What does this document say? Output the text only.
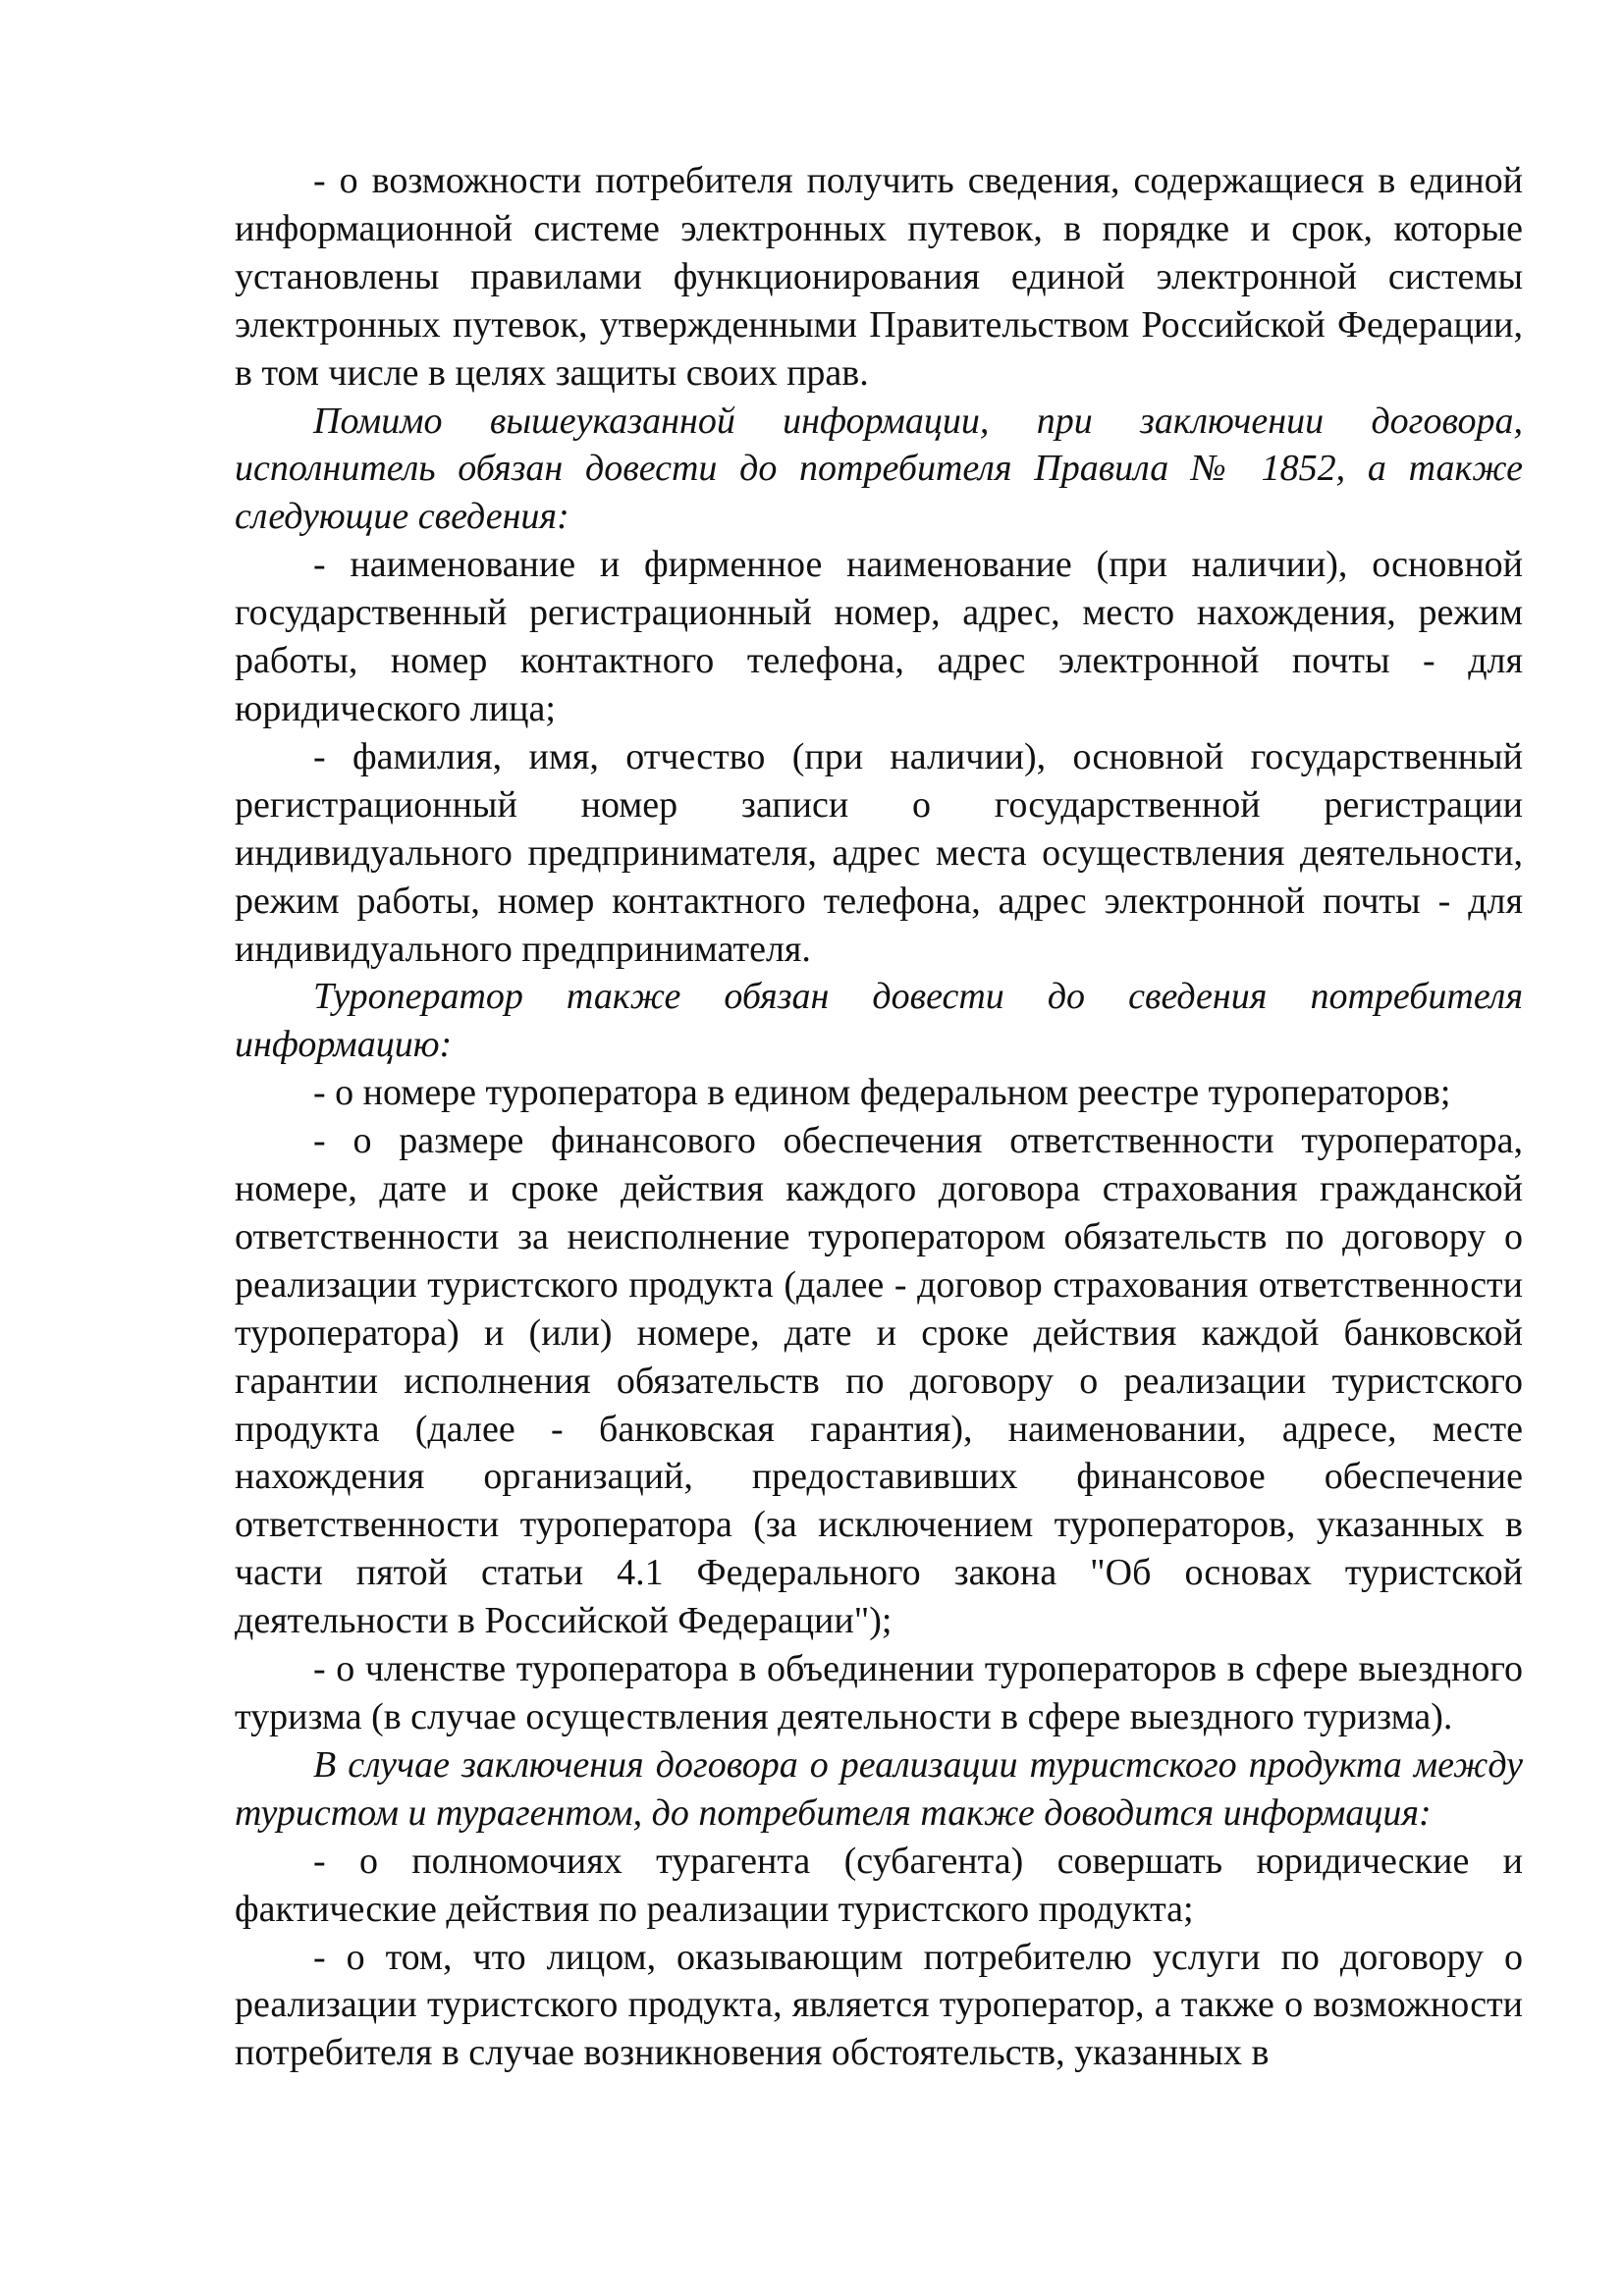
- о возможности потребителя получить сведения, содержащиеся в единой информационной системе электронных путевок, в порядке и срок, которые установлены правилами функционирования единой электронной системы электронных путевок, утвержденными Правительством Российской Федерации, в том числе в целях защиты своих прав.

Помимо вышеуказанной информации, при заключении договора, исполнитель обязан довести до потребителя Правила № 1852, а также следующие сведения:

- наименование и фирменное наименование (при наличии), основной государственный регистрационный номер, адрес, место нахождения, режим работы, номер контактного телефона, адрес электронной почты - для юридического лица;

- фамилия, имя, отчество (при наличии), основной государственный регистрационный номер записи о государственной регистрации индивидуального предпринимателя, адрес места осуществления деятельности, режим работы, номер контактного телефона, адрес электронной почты - для индивидуального предпринимателя.

Туроператор также обязан довести до сведения потребителя информацию:

- о номере туроператора в едином федеральном реестре туроператоров;

- о размере финансового обеспечения ответственности туроператора, номере, дате и сроке действия каждого договора страхования гражданской ответственности за неисполнение туроператором обязательств по договору о реализации туристского продукта (далее - договор страхования ответственности туроператора) и (или) номере, дате и сроке действия каждой банковской гарантии исполнения обязательств по договору о реализации туристского продукта (далее - банковская гарантия), наименовании, адресе, месте нахождения организаций, предоставивших финансовое обеспечение ответственности туроператора (за исключением туроператоров, указанных в части пятой статьи 4.1 Федерального закона "Об основах туристской деятельности в Российской Федерации");

- о членстве туроператора в объединении туроператоров в сфере выездного туризма (в случае осуществления деятельности в сфере выездного туризма).

В случае заключения договора о реализации туристского продукта между туристом и турагентом, до потребителя также доводится информация:

- о полномочиях турагента (субагента) совершать юридические и фактические действия по реализации туристского продукта;

- о том, что лицом, оказывающим потребителю услуги по договору о реализации туристского продукта, является туроператор, а также о возможности потребителя в случае возникновения обстоятельств, указанных в
